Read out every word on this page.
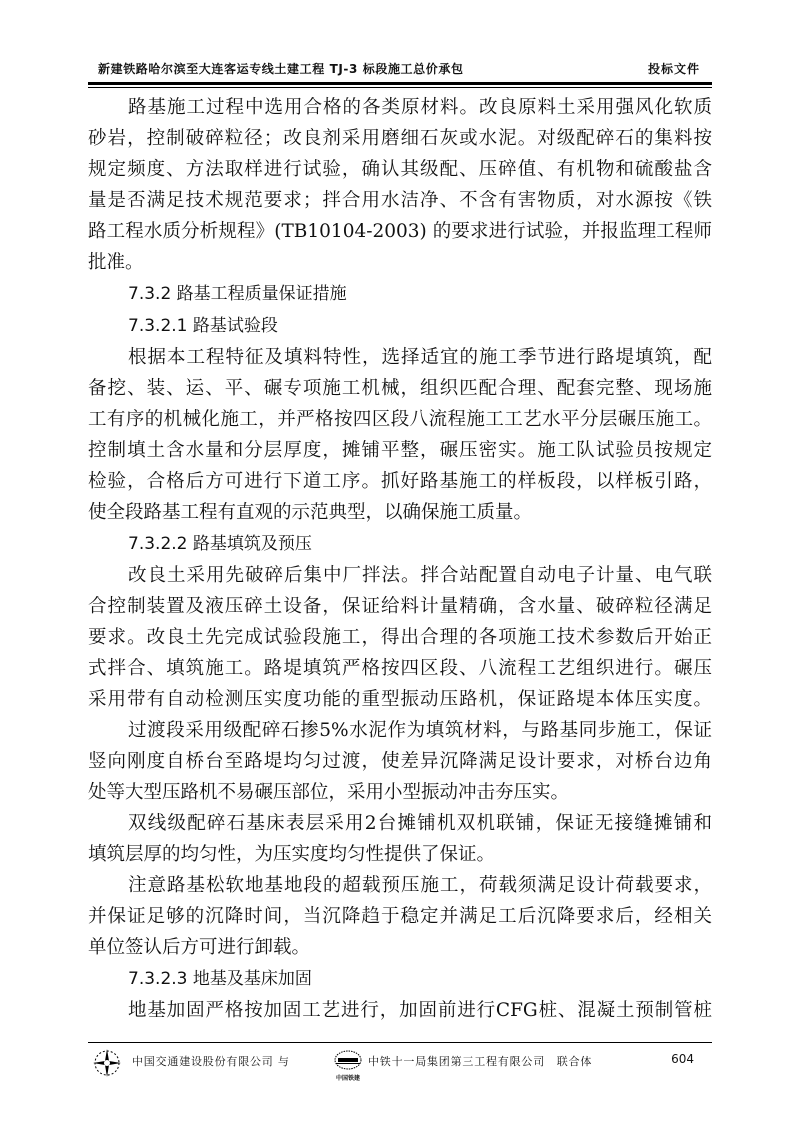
新建铁路哈尔滨至大连客运专线土建工程 TJ-3 标段施工总价承包	投标文件
路基施工过程中选用合格的各类原材料。改良原料土采用强风化软质
砂岩，控制破碎粒径；改良剂采用磨细石灰或水泥。对级配碎石的集料按
规定频度、方法取样进行试验，确认其级配、压碎值、有机物和硫酸盐含
量是否满足技术规范要求；拌合用水洁净、不含有害物质，对水源按《铁
路工程水质分析规程》(TB10104-2003) 的要求进行试验，并报监理工程师
批准。
7.3.2 路基工程质量保证措施
7.3.2.1 路基试验段
根据本工程特征及填料特性，选择适宜的施工季节进行路堤填筑，配
备挖、装、运、平、碾专项施工机械，组织匹配合理、配套完整、现场施
工有序的机械化施工，并严格按四区段八流程施工工艺水平分层碾压施工。
控制填土含水量和分层厚度，摊铺平整，碾压密实。施工队试验员按规定
检验，合格后方可进行下道工序。抓好路基施工的样板段，以样板引路，
使全段路基工程有直观的示范典型，以确保施工质量。
7.3.2.2 路基填筑及预压
改良土采用先破碎后集中厂拌法。拌合站配置自动电子计量、电气联
合控制装置及液压碎土设备，保证给料计量精确，含水量、破碎粒径满足
要求。改良土先完成试验段施工，得出合理的各项施工技术参数后开始正
式拌合、填筑施工。路堤填筑严格按四区段、八流程工艺组织进行。碾压
采用带有自动检测压实度功能的重型振动压路机，保证路堤本体压实度。
过渡段采用级配碎石掺5%水泥作为填筑材料，与路基同步施工，保证
竖向刚度自桥台至路堤均匀过渡，使差异沉降满足设计要求，对桥台边角
处等大型压路机不易碾压部位，采用小型振动冲击夯压实。
双线级配碎石基床表层采用2台摊铺机双机联铺，保证无接缝摊铺和
填筑层厚的均匀性，为压实度均匀性提供了保证。
注意路基松软地基地段的超载预压施工，荷载须满足设计荷载要求，
并保证足够的沉降时间，当沉降趋于稳定并满足工后沉降要求后，经相关
单位签认后方可进行卸载。
7.3.2.3 地基及基床加固
地基加固严格按加固工艺进行，加固前进行CFG桩、混凝土预制管桩
中国交通建设股份有限公司 与
中国铁建
中铁十一局集团第三工程有限公司　联合体	604
